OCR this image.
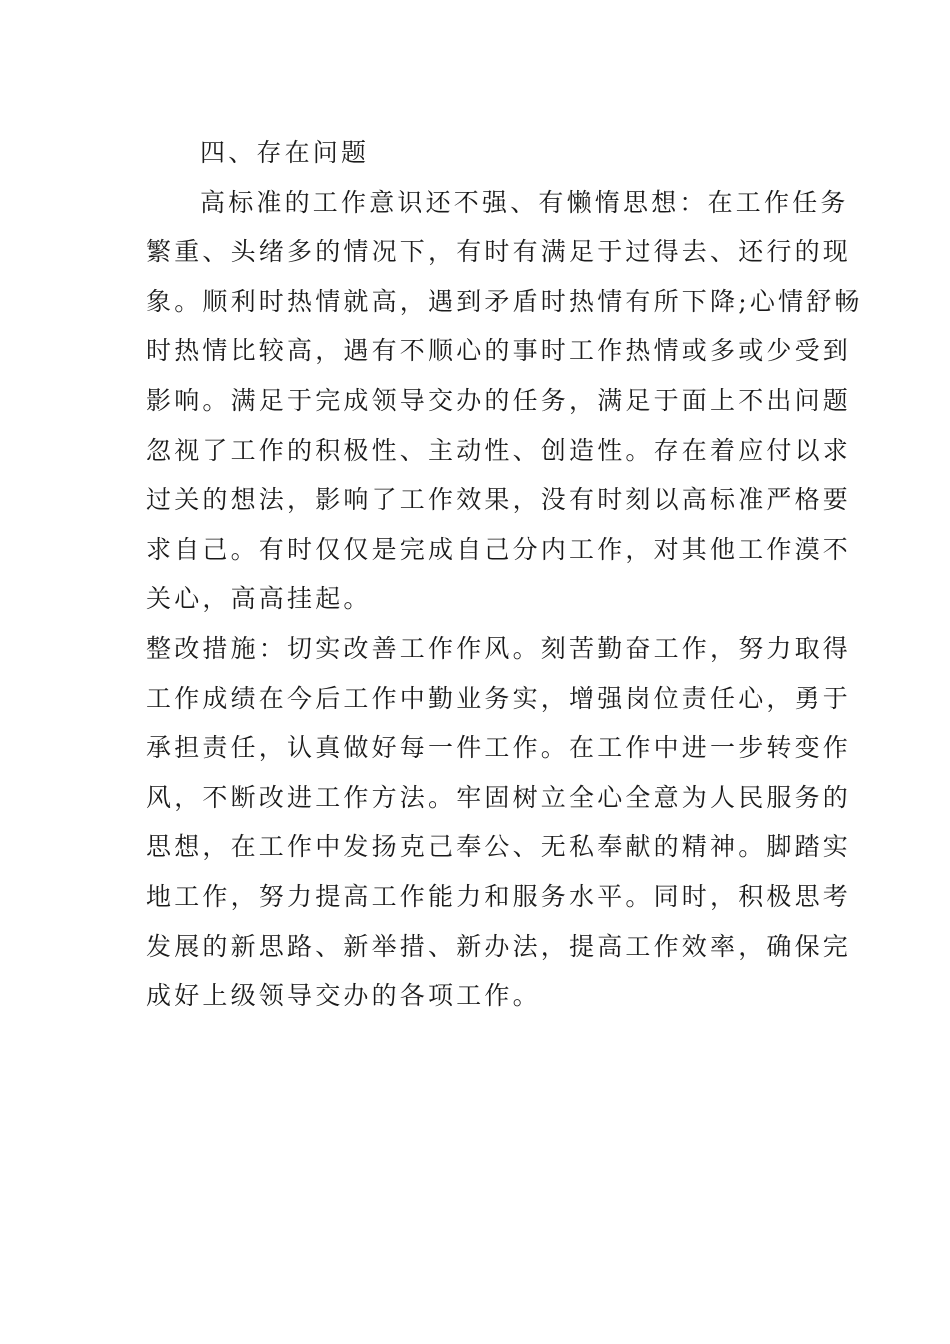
四、存在问题
高标准的工作意识还不强、有懒惰思想：在工作任务
繁重、头绪多的情况下，有时有满足于过得去、还行的现
象。顺利时热情就高，遇到矛盾时热情有所下降;心情舒畅
时热情比较高，遇有不顺心的事时工作热情或多或少受到
影响。满足于完成领导交办的任务，满足于面上不出问题
忽视了工作的积极性、主动性、创造性。存在着应付以求
过关的想法，影响了工作效果，没有时刻以高标准严格要
求自己。有时仅仅是完成自己分内工作，对其他工作漠不
关心，高高挂起。
整改措施：切实改善工作作风。刻苦勤奋工作，努力取得
工作成绩在今后工作中勤业务实，增强岗位责任心，勇于
承担责任，认真做好每一件工作。在工作中进一步转变作
风，不断改进工作方法。牢固树立全心全意为人民服务的
思想，在工作中发扬克己奉公、无私奉献的精神。脚踏实
地工作，努力提高工作能力和服务水平。同时，积极思考
发展的新思路、新举措、新办法，提高工作效率，确保完
成好上级领导交办的各项工作。
